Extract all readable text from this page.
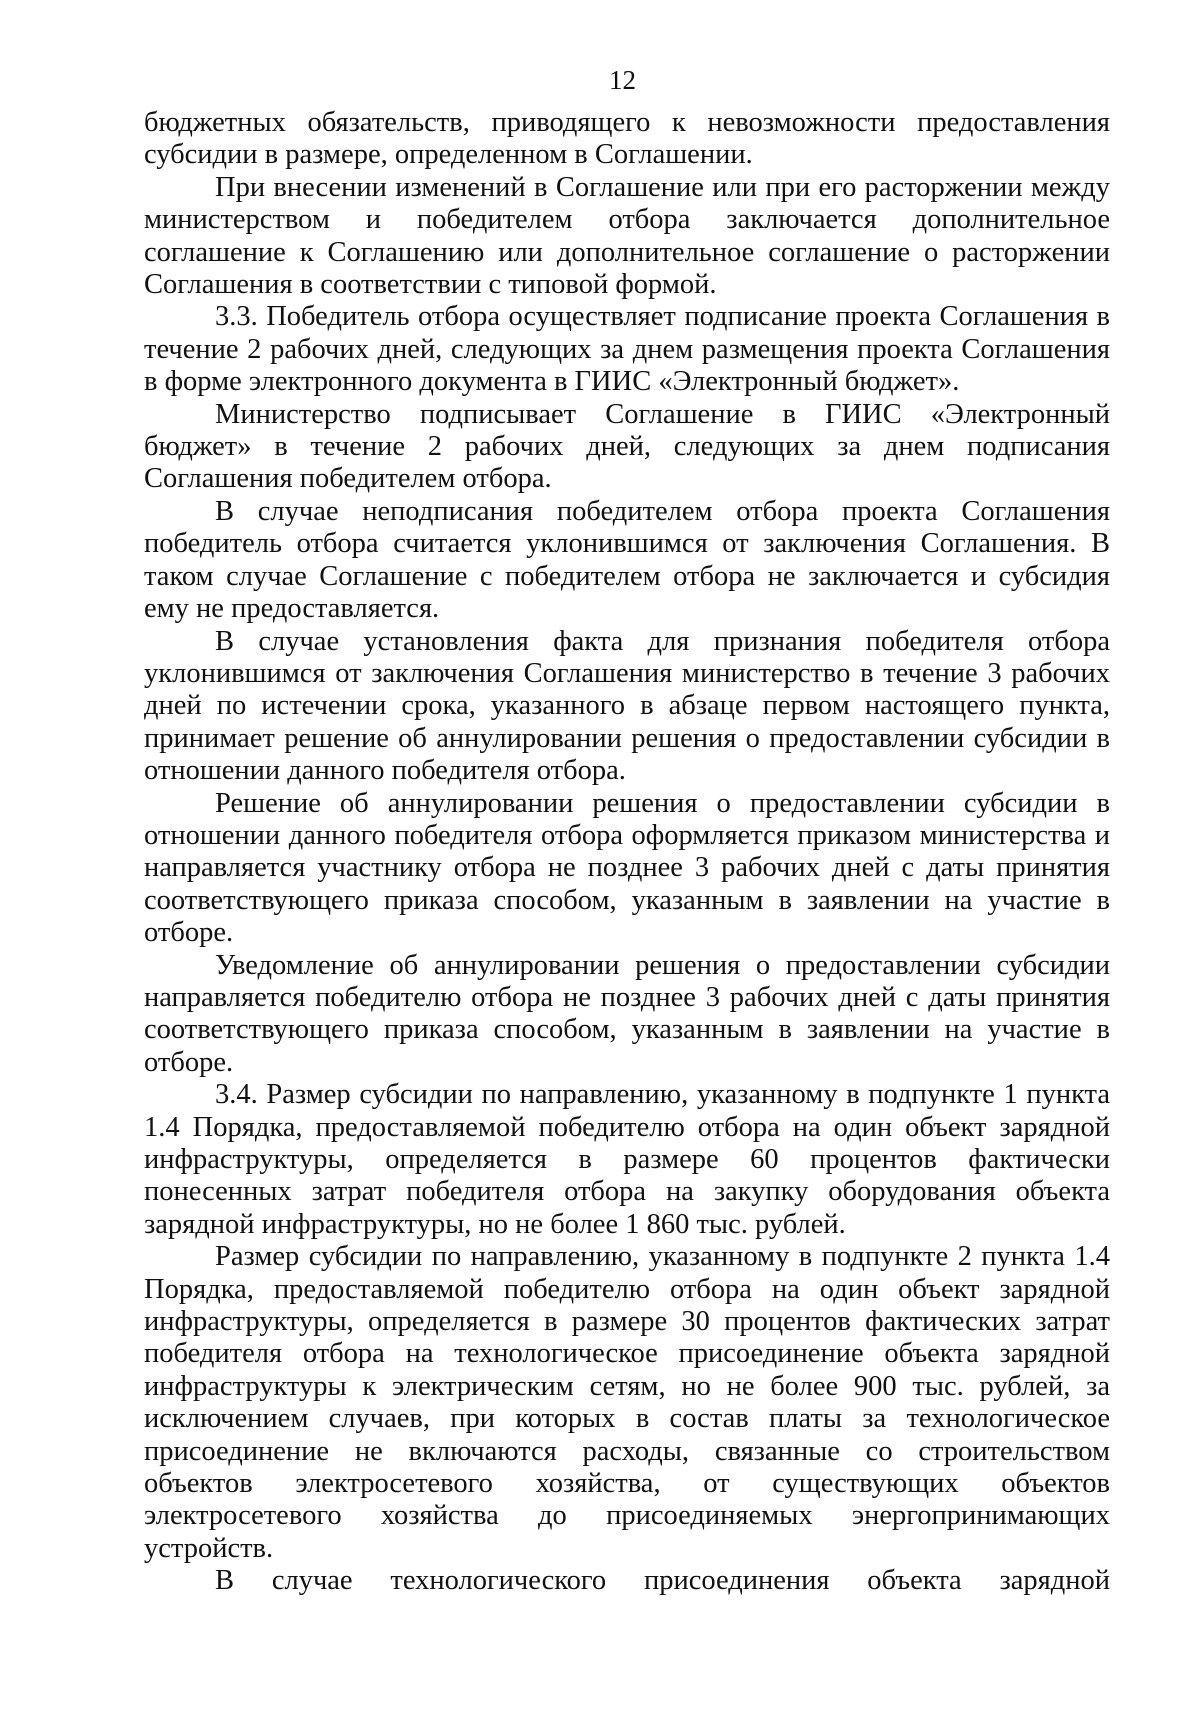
12

бюджетных обязательств, приводящего к невозможности предоставления субсидии в размере, определенном в Соглашении.

При внесении изменений в Соглашение или при его расторжении между министерством и победителем отбора заключается дополнительное соглашение к Соглашению или дополнительное соглашение о расторжении Соглашения в соответствии с типовой формой.

3.3. Победитель отбора осуществляет подписание проекта Соглашения в течение 2 рабочих дней, следующих за днем размещения проекта Соглашения в форме электронного документа в ГИИС «Электронный бюджет».

Министерство подписывает Соглашение в ГИИС «Электронный бюджет» в течение 2 рабочих дней, следующих за днем подписания Соглашения победителем отбора.

В случае неподписания победителем отбора проекта Соглашения победитель отбора считается уклонившимся от заключения Соглашения. В таком случае Соглашение с победителем отбора не заключается и субсидия ему не предоставляется.

В случае установления факта для признания победителя отбора уклонившимся от заключения Соглашения министерство в течение 3 рабочих дней по истечении срока, указанного в абзаце первом настоящего пункта, принимает решение об аннулировании решения о предоставлении субсидии в отношении данного победителя отбора.

Решение об аннулировании решения о предоставлении субсидии в отношении данного победителя отбора оформляется приказом министерства и направляется участнику отбора не позднее 3 рабочих дней с даты принятия соответствующего приказа способом, указанным в заявлении на участие в отборе.

Уведомление об аннулировании решения о предоставлении субсидии направляется победителю отбора не позднее 3 рабочих дней с даты принятия соответствующего приказа способом, указанным в заявлении на участие в отборе.

3.4. Размер субсидии по направлению, указанному в подпункте 1 пункта 1.4 Порядка, предоставляемой победителю отбора на один объект зарядной инфраструктуры, определяется в размере 60 процентов фактически понесенных затрат победителя отбора на закупку оборудования объекта зарядной инфраструктуры, но не более 1 860 тыс. рублей.

Размер субсидии по направлению, указанному в подпункте 2 пункта 1.4 Порядка, предоставляемой победителю отбора на один объект зарядной инфраструктуры, определяется в размере 30 процентов фактических затрат победителя отбора на технологическое присоединение объекта зарядной инфраструктуры к электрическим сетям, но не более 900 тыс. рублей, за исключением случаев, при которых в состав платы за технологическое присоединение не включаются расходы, связанные со строительством объектов электросетевого хозяйства, от существующих объектов электросетевого хозяйства до присоединяемых энергопринимающих устройств.

В случае технологического присоединения объекта зарядной
